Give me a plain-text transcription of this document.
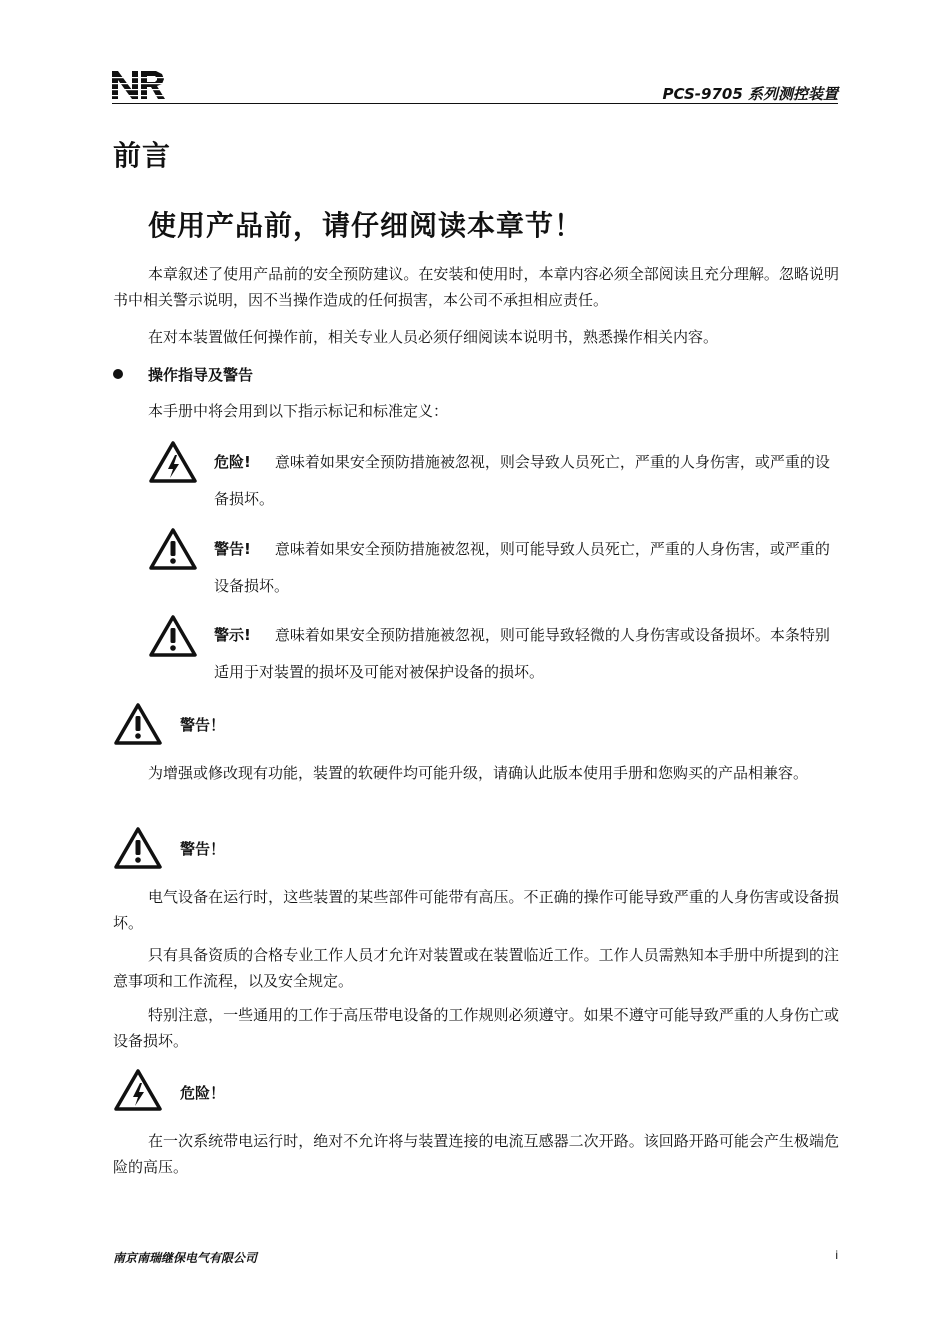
PCS-9705 系列测控装置
前言
使用产品前，请仔细阅读本章节！
本章叙述了使用产品前的安全预防建议。在安装和使用时，本章内容必须全部阅读且充分理解。忽略说明书中相关警示说明，因不当操作造成的任何损害，本公司不承担相应责任。
在对本装置做任何操作前，相关专业人员必须仔细阅读本说明书，熟悉操作相关内容。
操作指导及警告
本手册中将会用到以下指示标记和标准定义：
危险! 意味着如果安全预防措施被忽视，则会导致人员死亡，严重的人身伤害，或严重的设备损坏。
警告! 意味着如果安全预防措施被忽视，则可能导致人员死亡，严重的人身伤害，或严重的设备损坏。
警示! 意味着如果安全预防措施被忽视，则可能导致轻微的人身伤害或设备损坏。本条特别适用于对装置的损坏及可能对被保护设备的损坏。
警告！
为增强或修改现有功能，装置的软硬件均可能升级，请确认此版本使用手册和您购买的产品相兼容。
警告！
电气设备在运行时，这些装置的某些部件可能带有高压。不正确的操作可能导致严重的人身伤害或设备损坏。
只有具备资质的合格专业工作人员才允许对装置或在装置临近工作。工作人员需熟知本手册中所提到的注意事项和工作流程，以及安全规定。
特别注意，一些通用的工作于高压带电设备的工作规则必须遵守。如果不遵守可能导致严重的人身伤亡或设备损坏。
危险！
在一次系统带电运行时，绝对不允许将与装置连接的电流互感器二次开路。该回路开路可能会产生极端危险的高压。
南京南瑞继保电气有限公司	i
